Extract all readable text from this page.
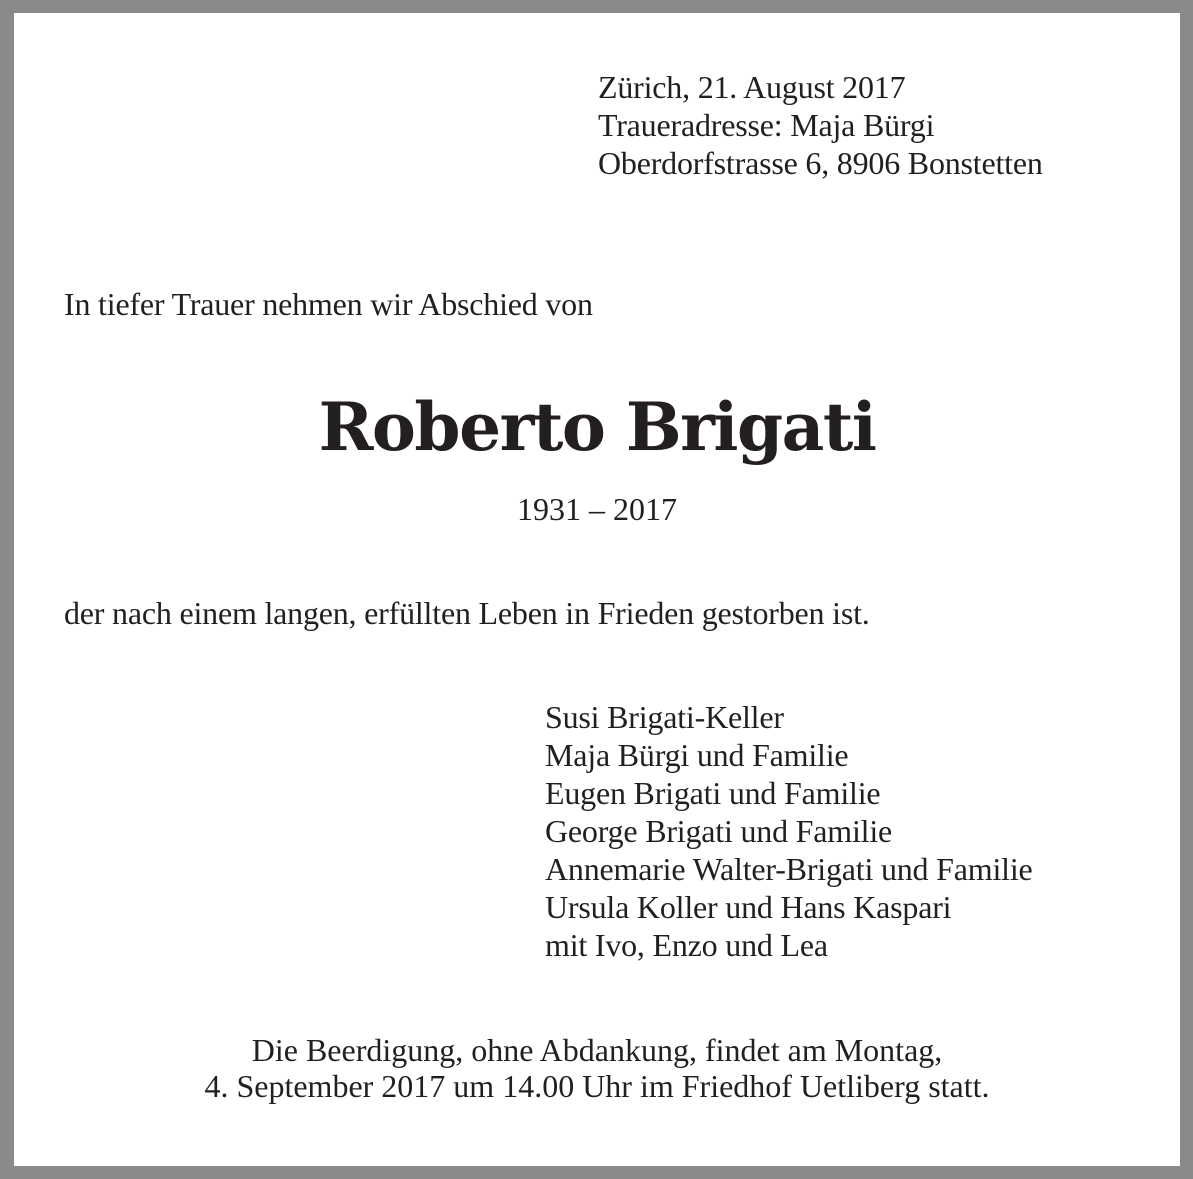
Zürich, 21. August 2017
Traueradresse: Maja Bürgi
Oberdorfstrasse 6, 8906 Bonstetten
In tiefer Trauer nehmen wir Abschied von
Roberto Brigati
1931 – 2017
der nach einem langen, erfüllten Leben in Frieden gestorben ist.
Susi Brigati-Keller
Maja Bürgi und Familie
Eugen Brigati und Familie
George Brigati und Familie
Annemarie Walter-Brigati und Familie
Ursula Koller und Hans Kaspari
mit Ivo, Enzo und Lea
Die Beerdigung, ohne Abdankung, findet am Montag,
4. September 2017 um 14.00 Uhr im Friedhof Uetliberg statt.
